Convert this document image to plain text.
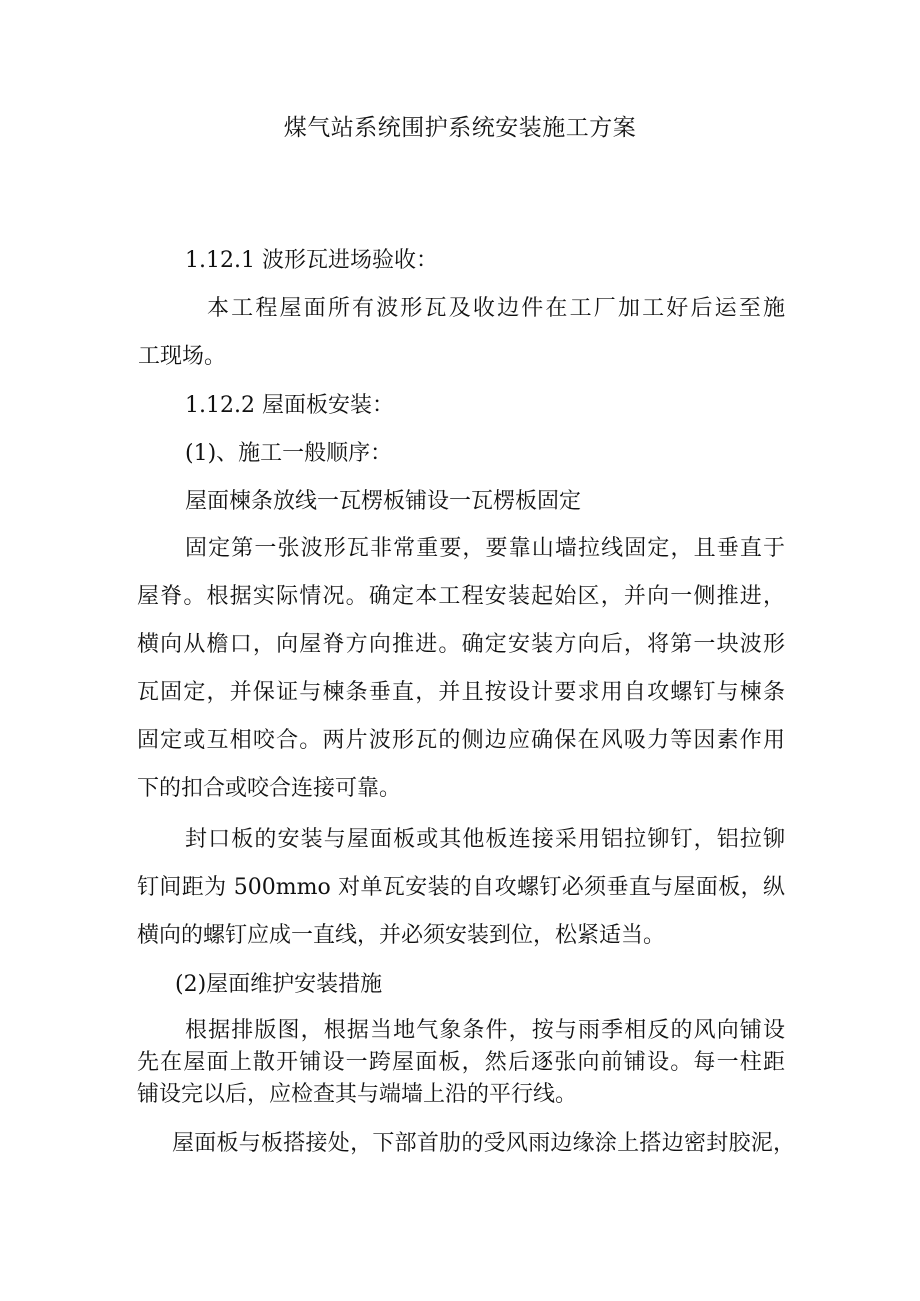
煤气站系统围护系统安装施工方案
1.12.1 波形瓦进场验收：
本工程屋面所有波形瓦及收边件在工厂加工好后运至施
工现场。
1.12.2 屋面板安装：
(1)、施工一般顺序：
屋面楝条放线一瓦楞板铺设一瓦楞板固定
固定第一张波形瓦非常重要，要靠山墙拉线固定，且垂直于
屋脊。根据实际情况。确定本工程安装起始区，并向一侧推进，
横向从檐口，向屋脊方向推进。确定安装方向后，将第一块波形
瓦固定，并保证与楝条垂直，并且按设计要求用自攻螺钉与楝条
固定或互相咬合。两片波形瓦的侧边应确保在风吸力等因素作用
下的扣合或咬合连接可靠。
封口板的安装与屋面板或其他板连接采用铝拉铆钉，铝拉铆
钉间距为 500mmo 对单瓦安装的自攻螺钉必须垂直与屋面板，纵
横向的螺钉应成一直线，并必须安装到位，松紧适当。
(2)屋面维护安装措施
根据排版图，根据当地气象条件，按与雨季相反的风向铺设
先在屋面上散开铺设一跨屋面板，然后逐张向前铺设。每一柱距
铺设完以后，应检查其与端墙上沿的平行线。
屋面板与板搭接处，下部首肋的受风雨边缘涂上搭边密封胶泥，
